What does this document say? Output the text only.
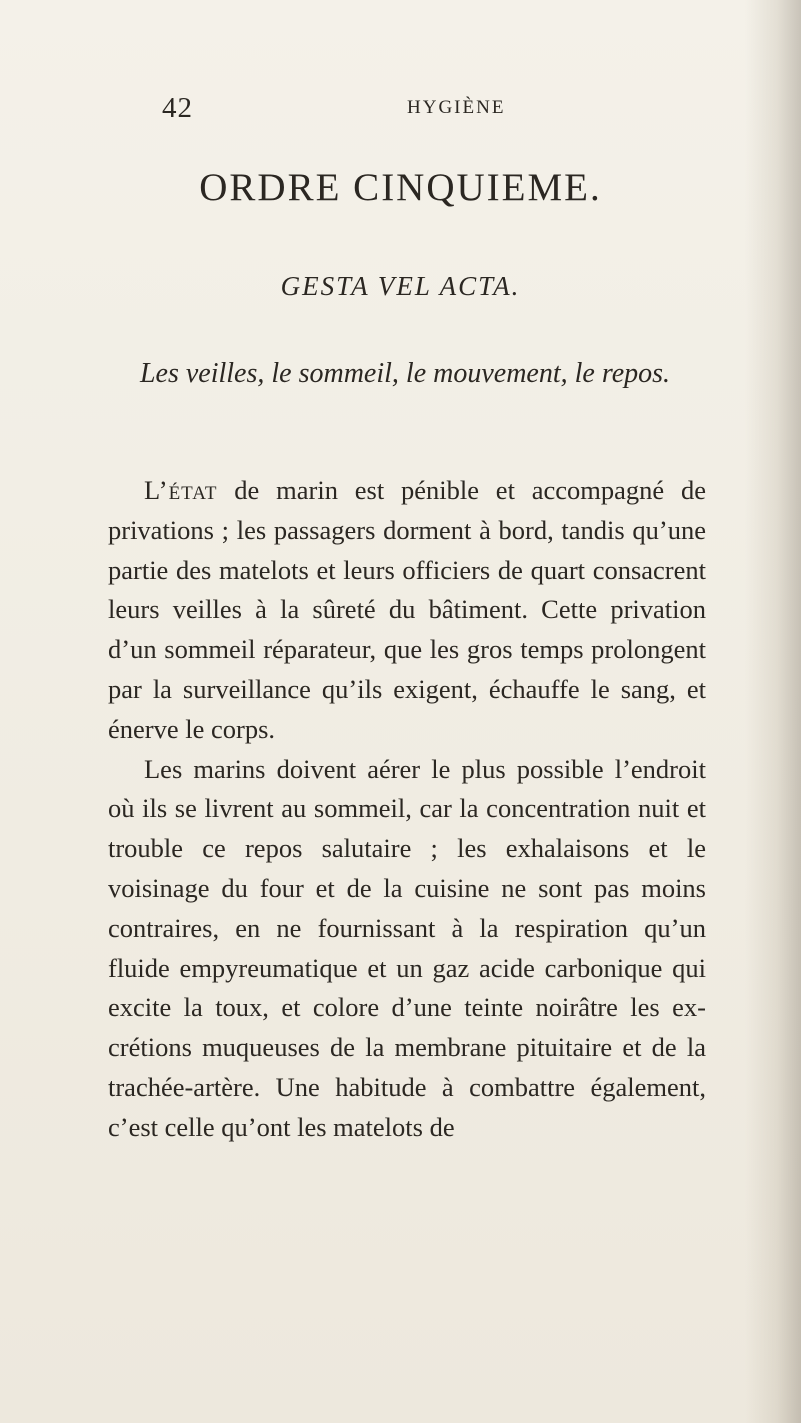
42	HYGIÈNE
ORDRE CINQUIEME.
GESTA VEL ACTA.
Les veilles, le sommeil, le mouvement, le repos.

L’état de marin est pénible et accompagné de privations ; les passagers dorment à bord, tandis qu’une partie des matelots et leurs officiers de quart consacrent leurs veilles à la sûreté du bâtiment. Cette privation d’un sommeil réparateur, que les gros temps prolongent par la surveillance qu’ils exigent, échauffe le sang, et énerve le corps.

Les marins doivent aérer le plus possible l’endroit où ils se livrent au sommeil, car la concentration nuit et trouble ce repos salutaire ; les exhalaisons et le voisinage du four et de la cuisine ne sont pas moins contraires, en ne fournissant à la respiration qu’un fluide empyreumatique et un gaz acide carbonique qui excite la toux, et colore d’une teinte noirâtre les excrétions muqueuses de la membrane pituitaire et de la trachée-artère. Une habitude à combattre également, c’est celle qu’ont les matelots de
